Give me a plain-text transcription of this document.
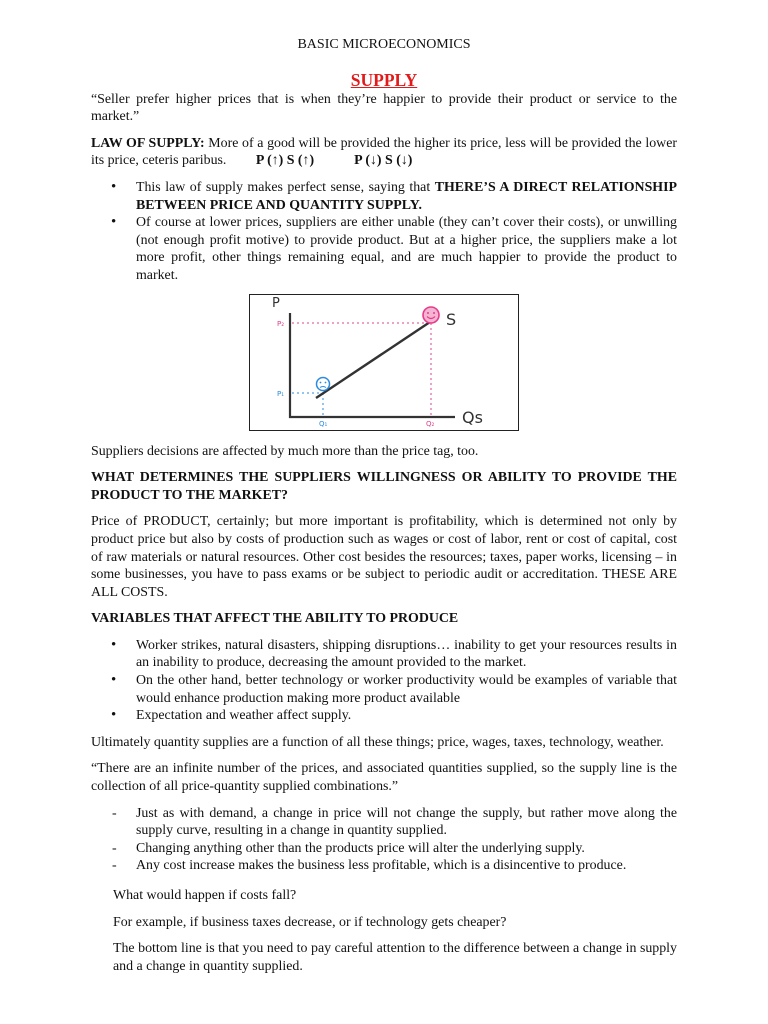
BASIC MICROECONOMICS
SUPPLY

“Seller prefer higher prices that is when they’re happier to provide their product or service to the market.”

LAW OF SUPPLY: More of a good will be provided the higher its price, less will be provided the lower its price, ceteris paribus. P (↑) S (↑)	P (↓) S (↓)

• This law of supply makes perfect sense, saying that THERE’S A DIRECT RELATIONSHIP BETWEEN PRICE AND QUANTITY SUPPLY.
• Of course at lower prices, suppliers are either unable (they can’t cover their costs), or unwilling (not enough profit motive) to provide product. But at a higher price, the suppliers make a lot more profit, other things remaining equal, and are much happier to provide the product to market.
P
S
Qs
P₂
P₁
Q₁	Q₂

Suppliers decisions are affected by much more than the price tag, too.

WHAT DETERMINES THE SUPPLIERS WILLINGNESS OR ABILITY TO PROVIDE THE PRODUCT TO THE MARKET?

Price of PRODUCT, certainly; but more important is profitability, which is determined not only by product price but also by costs of production such as wages or cost of labor, rent or cost of capital, cost of raw materials or natural resources. Other cost besides the resources; taxes, paper works, licensing – in some businesses, you have to pass exams or be subject to periodic audit or accreditation. THESE ARE ALL COSTS.

VARIABLES THAT AFFECT THE ABILITY TO PRODUCE

• Worker strikes, natural disasters, shipping disruptions… inability to get your resources results in an inability to produce, decreasing the amount provided to the market.
• On the other hand, better technology or worker productivity would be examples of variable that would enhance production making more product available
• Expectation and weather affect supply.

Ultimately quantity supplies are a function of all these things; price, wages, taxes, technology, weather.

“There are an infinite number of the prices, and associated quantities supplied, so the supply line is the collection of all price-quantity supplied combinations.”

- Just as with demand, a change in price will not change the supply, but rather move along the supply curve, resulting in a change in quantity supplied.
- Changing anything other than the products price will alter the underlying supply.
- Any cost increase makes the business less profitable, which is a disincentive to produce.

What would happen if costs fall?

For example, if business taxes decrease, or if technology gets cheaper?

The bottom line is that you need to pay careful attention to the difference between a change in supply and a change in quantity supplied.
